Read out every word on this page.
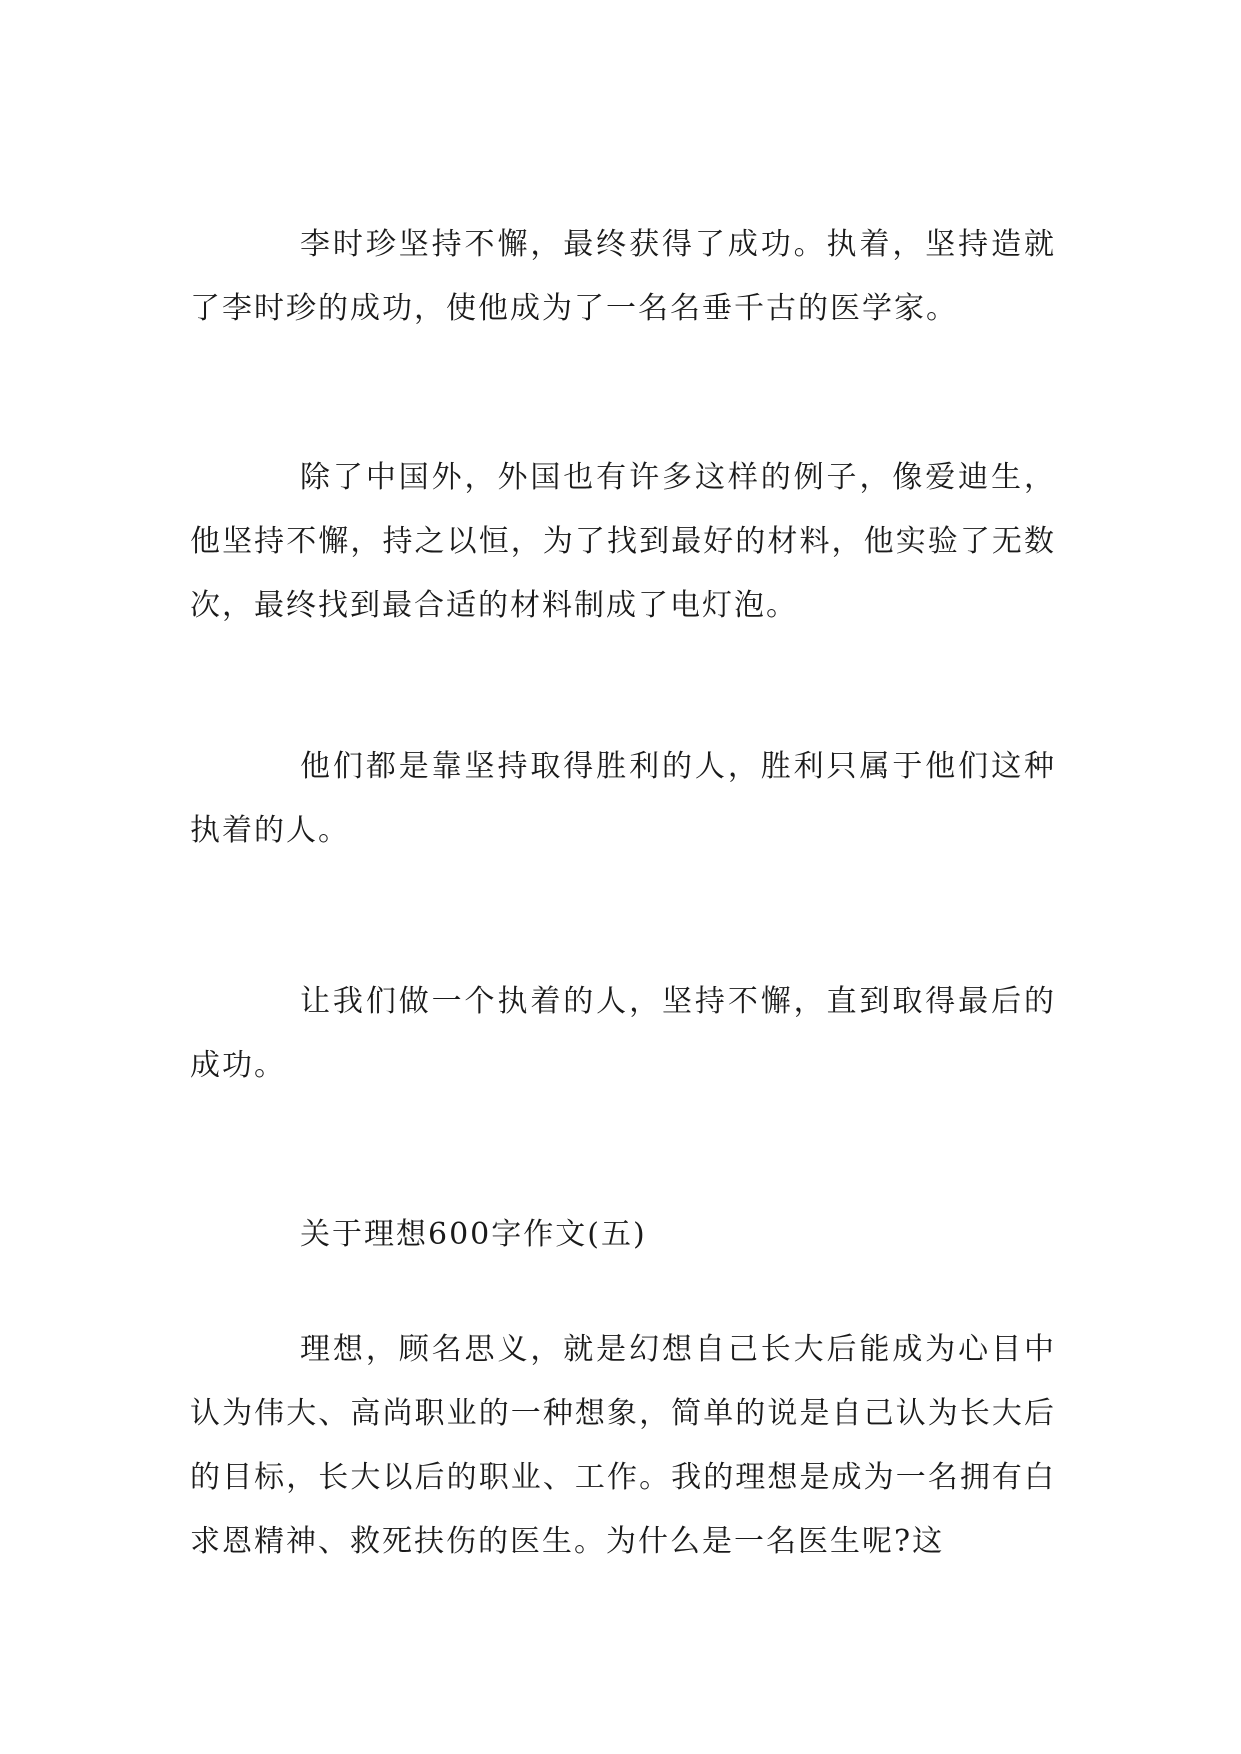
李时珍坚持不懈，最终获得了成功。执着，坚持造就了李时珍的成功，使他成为了一名名垂千古的医学家。

除了中国外，外国也有许多这样的例子，像爱迪生，他坚持不懈，持之以恒，为了找到最好的材料，他实验了无数次，最终找到最合适的材料制成了电灯泡。

他们都是靠坚持取得胜利的人，胜利只属于他们这种执着的人。

让我们做一个执着的人，坚持不懈，直到取得最后的成功。

关于理想600字作文(五)

理想，顾名思义，就是幻想自己长大后能成为心目中认为伟大、高尚职业的一种想象，简单的说是自己认为长大后的目标，长大以后的职业、工作。我的理想是成为一名拥有白求恩精神、救死扶伤的医生。为什么是一名医生呢?这
